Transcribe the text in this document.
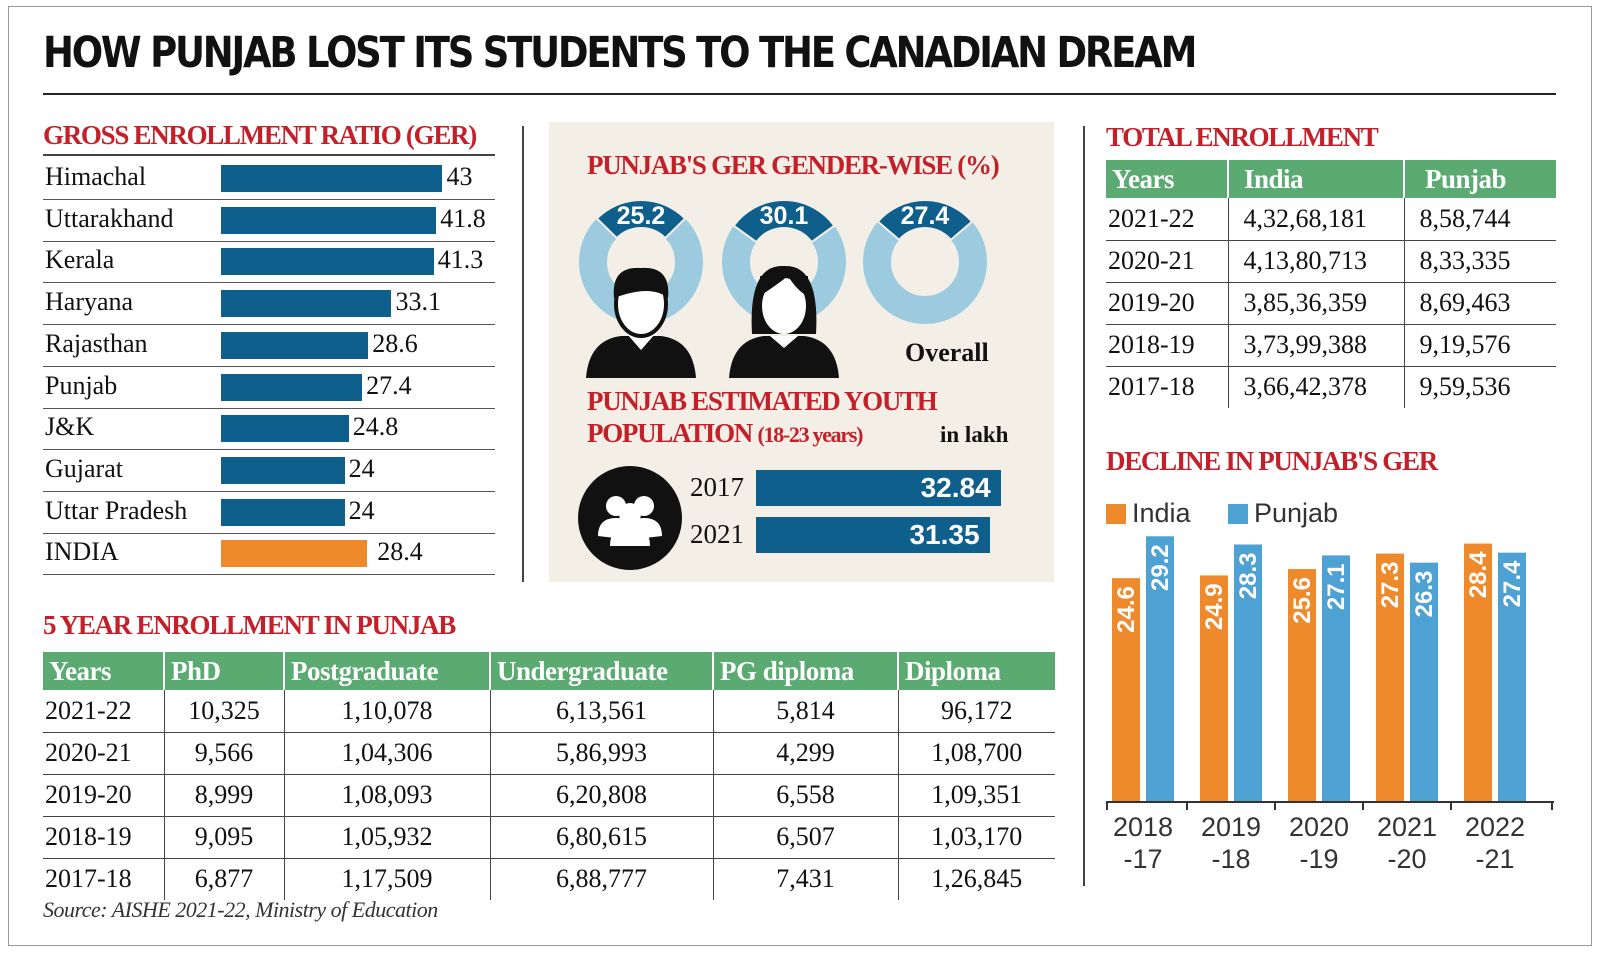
HOW PUNJAB LOST ITS STUDENTS TO THE CANADIAN DREAM
GROSS ENROLLMENT RATIO (GER)
Himachal	43
Uttarakhand	41.8
Kerala	41.3
Haryana	33.1
Rajasthan	28.6
Punjab	27.4
J&K	24.8
Gujarat	24
Uttar Pradesh	24
INDIA	28.4
PUNJAB'S GER GENDER-WISE (%)
25.2	30.1	27.4
Overall
PUNJAB ESTIMATED YOUTH
POPULATION (18-23 years)	in lakh
2017
2021
32.84
31.35
5 YEAR ENROLLMENT IN PUNJAB
Years	PhD	Postgraduate	Undergraduate	PG diploma	Diploma
2021-22	10,325	1,10,078	6,13,561	5,814	96,172
2020-21	9,566	1,04,306	5,86,993	4,299	1,08,700
2019-20	8,999	1,08,093	6,20,808	6,558	1,09,351
2018-19	9,095	1,05,932	6,80,615	6,507	1,03,170
2017-18	6,877	1,17,509	6,88,777	7,431	1,26,845
Source: AISHE 2021-22, Ministry of Education
TOTAL ENROLLMENT
Years	India	Punjab
2021-22	4,32,68,181	8,58,744
2020-21	4,13,80,713	8,33,335
2019-20	3,85,36,359	8,69,463
2018-19	3,73,99,388	9,19,576
2017-18	3,66,42,378	9,59,536
DECLINE IN PUNJAB'S GER
India	Punjab
24.6
29.2
2018
-17
24.9
28.3
2019
-18
25.6 27.1
2020
-19
27.3 26.3
2021
-20
28.4 27.4
2022
-21
